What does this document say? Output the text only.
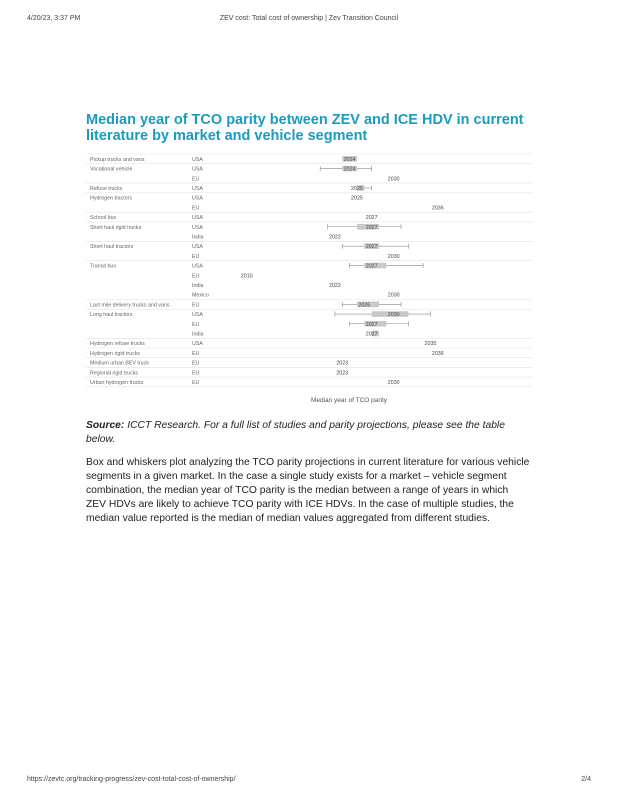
4/20/23, 3:37 PM	ZEV cost: Total cost of ownership | Zev Transition Council
Median year of TCO parity between ZEV and ICE HDV in current literature by market and vehicle segment
Pickup trucks and vans	USA	2024
Vocational vehicle	USA	2024
EU	2030
Refuse trucks	USA	2025
Hydrogen tractors	USA	2025
EU	2036
School bus	USA	2027
Short haul rigid trucks	USA	2027
India	2022
Short haul tractors	USA	2027
EU	2030
Transit bus	USA	2027
EU	2010
India	2022
Mexico	2030
Last mile delivery trucks and vans	EU	2026
Long haul tractors	USA	2030
EU	2027
India	2027
Hydrogen refuse trucks	USA	2035
Hydrogen rigid trucks	EU	2036
Medium urban BEV truck	EU	2023
Regional rigid trucks	EU	2023
Urban hydrogen trucks	EU	2030
Median year of TCO parity

Source: ICCT Research. For a full list of studies and parity projections, please see the table below.

Box and whiskers plot analyzing the TCO parity projections in current literature for various vehicle segments in a given market. In the case a single study exists for a market – vehicle segment combination, the median year of TCO parity is the median between a range of years in which ZEV HDVs are likely to achieve TCO parity with ICE HDVs. In the case of multiple studies, the median value reported is the median of median values aggregated from different studies.

https://zevtc.org/tracking-progress/zev-cost-total-cost-of-ownership/	2/4
